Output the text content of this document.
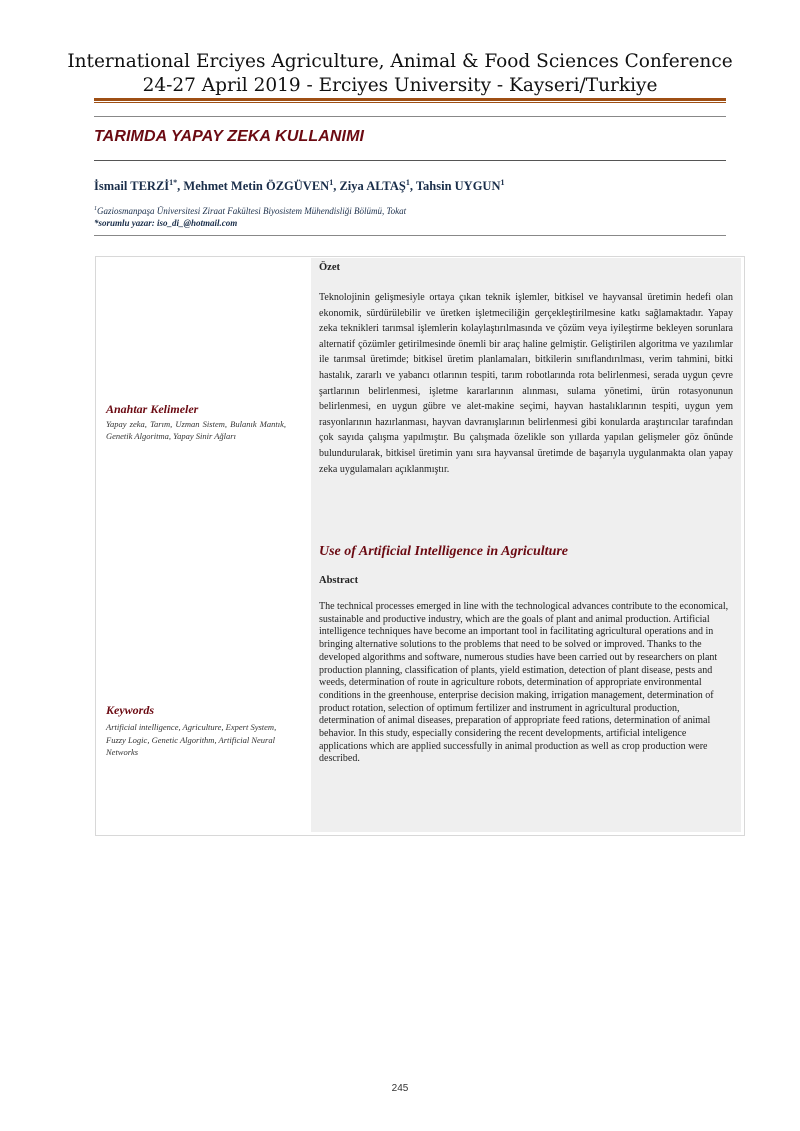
International Erciyes Agriculture, Animal & Food Sciences Conference
24-27 April 2019 - Erciyes University - Kayseri/Turkiye
TARIMDA YAPAY ZEKA KULLANIMI
İsmail $TERZİ^{1*}$, Mehmet Metin ÖZGÜVEN$^1$, Ziya ALTAŞ$^1$, Tahsin UYGUN$^1$
$^1$Gaziosmanpaşa Üniversitesi Ziraat Fakültesi Biyosistem Mühendisliği Bölümü, Tokat
*sorumlu yazar: iso_di_@hotmail.com
Anahtar Kelimeler
Yapay zeka, Tarım, Uzman Sistem, Bulanık Mantık, Genetik Algoritma, Yapay Sinir Ağları
Keywords
Artificial intelligence, Agriculture, Expert System, Fuzzy Logic, Genetic Algorithm, Artificial Neural Networks
Özet
Teknolojinin gelişmesiyle ortaya çıkan teknik işlemler, bitkisel ve hayvansal üretimin hedefi olan ekonomik, sürdürülebilir ve üretken işletmeciliğin gerçekleştirilmesine katkı sağlamaktadır. Yapay zeka teknikleri tarımsal işlemlerin kolaylaştırılmasında ve çözüm veya iyileştirme bekleyen sorunlara alternatif çözümler getirilmesinde önemli bir araç haline gelmiştir. Geliştirilen algoritma ve yazılımlar ile tarımsal üretimde; bitkisel üretim planlamaları, bitkilerin sınıflandırılması, verim tahmini, bitki hastalık, zararlı ve yabancı otlarının tespiti, tarım robotlarında rota belirlenmesi, serada uygun çevre şartlarının belirlenmesi, işletme kararlarının alınması, sulama yönetimi, ürün rotasyonunun belirlenmesi, en uygun gübre ve alet-makine seçimi, hayvan hastalıklarının tespiti, uygun yem rasyonlarının hazırlanması, hayvan davranışlarının belirlenmesi gibi konularda araştırıcılar tarafından çok sayıda çalışma yapılmıştır. Bu çalışmada özelikle son yıllarda yapılan gelişmeler göz önünde bulundurularak, bitkisel üretimin yanı sıra hayvansal üretimde de başarıyla uygulanmakta olan yapay zeka uygulamaları açıklanmıştır.
Use of Artificial Intelligence in Agriculture
Abstract
The technical processes emerged in line with the technological advances contribute to the economical, sustainable and productive industry, which are the goals of plant and animal production. Artificial intelligence techniques have become an important tool in facilitating agricultural operations and in bringing alternative solutions to the problems that need to be solved or improved. Thanks to the developed algorithms and software, numerous studies have been carried out by researchers on plant production planning, classification of plants, yield estimation, detection of plant disease, pests and weeds, determination of route in agriculture robots, determination of appropriate environmental conditions in the greenhouse, enterprise decision making, irrigation management, determination of product rotation, selection of optimum fertilizer and instrument in agricultural production, determination of animal diseases, preparation of appropriate feed rations, determination of animal behavior. In this study, especially considering the recent developments, artificial inteligence applications which are applied successfully in animal production as well as crop production were described.
245
